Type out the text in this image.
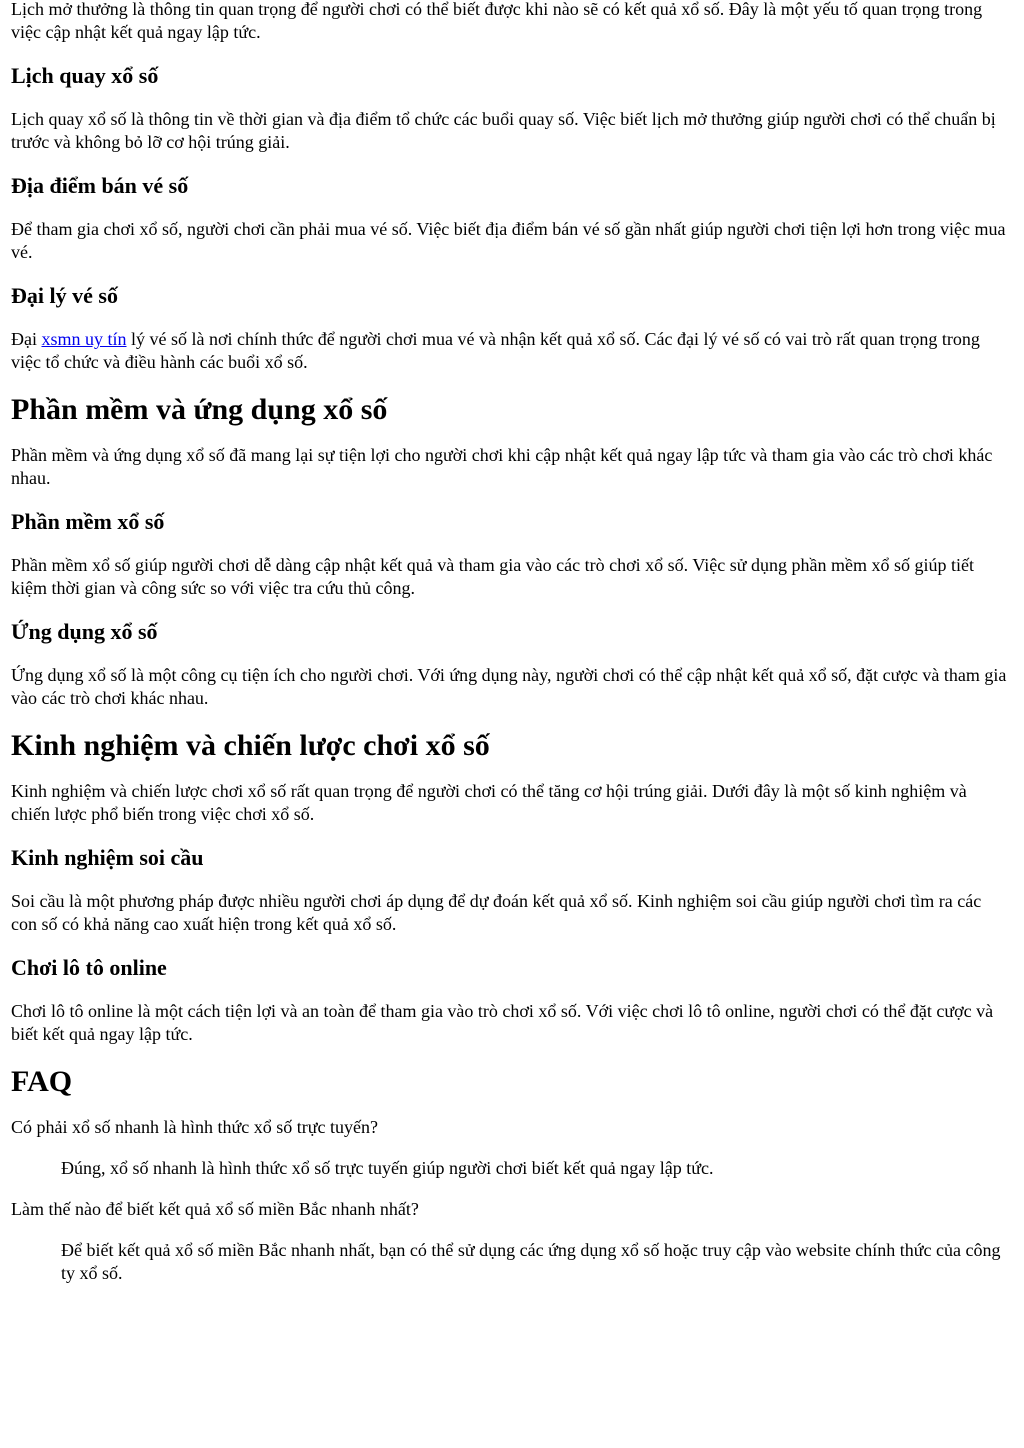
Lịch mở thưởng là thông tin quan trọng để người chơi có thể biết được khi nào sẽ có kết quả xổ số. Đây là một yếu tố quan trọng trong việc cập nhật kết quả ngay lập tức.

Lịch quay xổ số

Lịch quay xổ số là thông tin về thời gian và địa điểm tổ chức các buổi quay số. Việc biết lịch mở thưởng giúp người chơi có thể chuẩn bị trước và không bỏ lỡ cơ hội trúng giải.

Địa điểm bán vé số

Để tham gia chơi xổ số, người chơi cần phải mua vé số. Việc biết địa điểm bán vé số gần nhất giúp người chơi tiện lợi hơn trong việc mua vé.

Đại lý vé số

Đại xsmn uy tín lý vé số là nơi chính thức để người chơi mua vé và nhận kết quả xổ số. Các đại lý vé số có vai trò rất quan trọng trong việc tổ chức và điều hành các buổi xổ số.

Phần mềm và ứng dụng xổ số

Phần mềm và ứng dụng xổ số đã mang lại sự tiện lợi cho người chơi khi cập nhật kết quả ngay lập tức và tham gia vào các trò chơi khác nhau.

Phần mềm xổ số

Phần mềm xổ số giúp người chơi dễ dàng cập nhật kết quả và tham gia vào các trò chơi xổ số. Việc sử dụng phần mềm xổ số giúp tiết kiệm thời gian và công sức so với việc tra cứu thủ công.

Ứng dụng xổ số

Ứng dụng xổ số là một công cụ tiện ích cho người chơi. Với ứng dụng này, người chơi có thể cập nhật kết quả xổ số, đặt cược và tham gia vào các trò chơi khác nhau.

Kinh nghiệm và chiến lược chơi xổ số

Kinh nghiệm và chiến lược chơi xổ số rất quan trọng để người chơi có thể tăng cơ hội trúng giải. Dưới đây là một số kinh nghiệm và chiến lược phổ biến trong việc chơi xổ số.

Kinh nghiệm soi cầu

Soi cầu là một phương pháp được nhiều người chơi áp dụng để dự đoán kết quả xổ số. Kinh nghiệm soi cầu giúp người chơi tìm ra các con số có khả năng cao xuất hiện trong kết quả xổ số.

Chơi lô tô online

Chơi lô tô online là một cách tiện lợi và an toàn để tham gia vào trò chơi xổ số. Với việc chơi lô tô online, người chơi có thể đặt cược và biết kết quả ngay lập tức.

FAQ

Có phải xổ số nhanh là hình thức xổ số trực tuyến?

Đúng, xổ số nhanh là hình thức xổ số trực tuyến giúp người chơi biết kết quả ngay lập tức.

Làm thế nào để biết kết quả xổ số miền Bắc nhanh nhất?

Để biết kết quả xổ số miền Bắc nhanh nhất, bạn có thể sử dụng các ứng dụng xổ số hoặc truy cập vào website chính thức của công ty xổ số.
